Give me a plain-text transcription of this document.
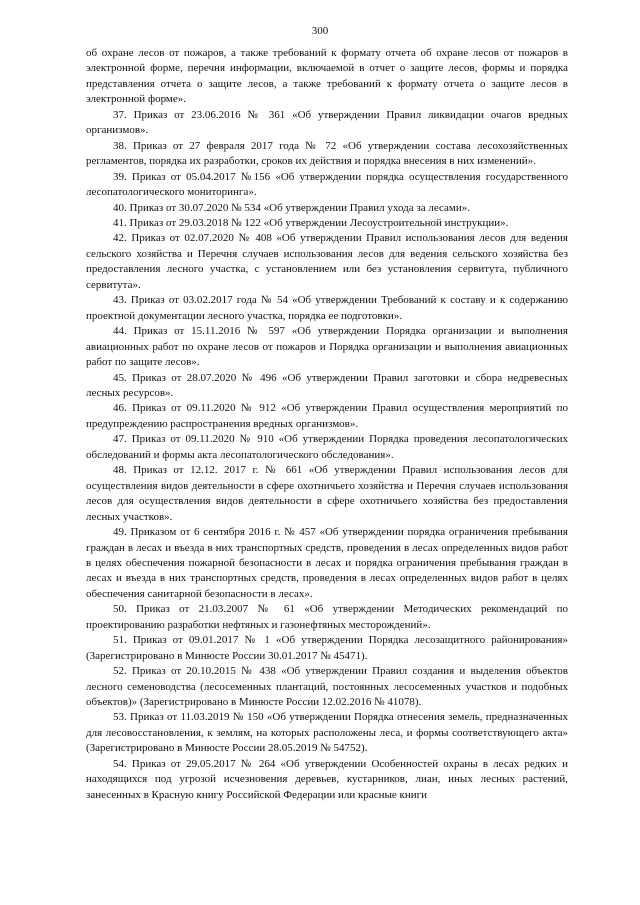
300

об охране лесов от пожаров, а также требований к формату отчета об охране лесов от пожаров в электронной форме, перечня информации, включаемой в отчет о защите лесов, формы и порядка представления отчета о защите лесов, а также требований к формату отчета о защите лесов в электронной форме».

37. Приказ от 23.06.2016 № 361 «Об утверждении Правил ликвидации очагов вредных организмов».

38. Приказ от 27 февраля 2017 года № 72 «Об утверждении состава лесохозяйственных регламентов, порядка их разработки, сроков их действия и порядка внесения в них изменений».

39. Приказ от 05.04.2017 №156 «Об утверждении порядка осуществления государственного лесопатологического мониторинга».

40. Приказ от 30.07.2020 № 534 «Об утверждении Правил ухода за лесами».

41. Приказ от 29.03.2018 № 122 «Об утверждении Лесоустроительной инструкции».

42. Приказ от 02.07.2020 № 408 «Об утверждении Правил использования лесов для ведения сельского хозяйства и Перечня случаев использования лесов для ведения сельского хозяйства без предоставления лесного участка, с установлением или без установления сервитута, публичного сервитута».

43. Приказ от 03.02.2017 года № 54 «Об утверждении Требований к составу и к содержанию проектной документации лесного участка, порядка ее подготовки».

44. Приказ от 15.11.2016 № 597 «Об утверждении Порядка организации и выполнения авиационных работ по охране лесов от пожаров и Порядка организации и выполнения авиационных работ по защите лесов».

45. Приказ от 28.07.2020 № 496 «Об утверждении Правил заготовки и сбора недревесных лесных ресурсов».

46. Приказ от 09.11.2020 № 912 «Об утверждении Правил осуществления мероприятий по предупреждению распространения вредных организмов».

47. Приказ от 09.11.2020 № 910 «Об утверждении Порядка проведения лесопатологических обследований и формы акта лесопатологического обследования».

48. Приказ от 12.12. 2017 г. № 661 «Об утверждении Правил использования лесов для осуществления видов деятельности в сфере охотничьего хозяйства и Перечня случаев использования лесов для осуществления видов деятельности в сфере охотничьего хозяйства без предоставления лесных участков».

49. Приказом от 6 сентября 2016 г. № 457 «Об утверждении порядка ограничения пребывания граждан в лесах и въезда в них транспортных средств, проведения в лесах определенных видов работ в целях обеспечения пожарной безопасности в лесах и порядка ограничения пребывания граждан в лесах и въезда в них транспортных средств, проведения в лесах определенных видов работ в целях обеспечения санитарной безопасности в лесах».

50. Приказ от 21.03.2007 № 61 «Об утверждении Методических рекомендаций по проектированию разработки нефтяных и газонефтяных месторождений».

51. Приказ от 09.01.2017 № 1 «Об утверждении Порядка лесозащитного районирования» (Зарегистрировано в Минюсте России 30.01.2017 № 45471).

52. Приказ от 20.10.2015 № 438 «Об утверждении Правил создания и выделения объектов лесного семеноводства (лесосеменных плантаций, постоянных лесосеменных участков и подобных объектов)» (Зарегистрировано в Минюсте России 12.02.2016 № 41078).

53. Приказ от 11.03.2019 № 150 «Об утверждении Порядка отнесения земель, предназначенных для лесовосстановления, к землям, на которых расположены леса, и формы соответствующего акта» (Зарегистрировано в Минюсте России 28.05.2019 № 54752).

54. Приказ от 29.05.2017 № 264 «Об утверждении Особенностей охраны в лесах редких и находящихся под угрозой исчезновения деревьев, кустарников, лиан, иных лесных растений, занесенных в Красную книгу Российской Федерации или красные книги
